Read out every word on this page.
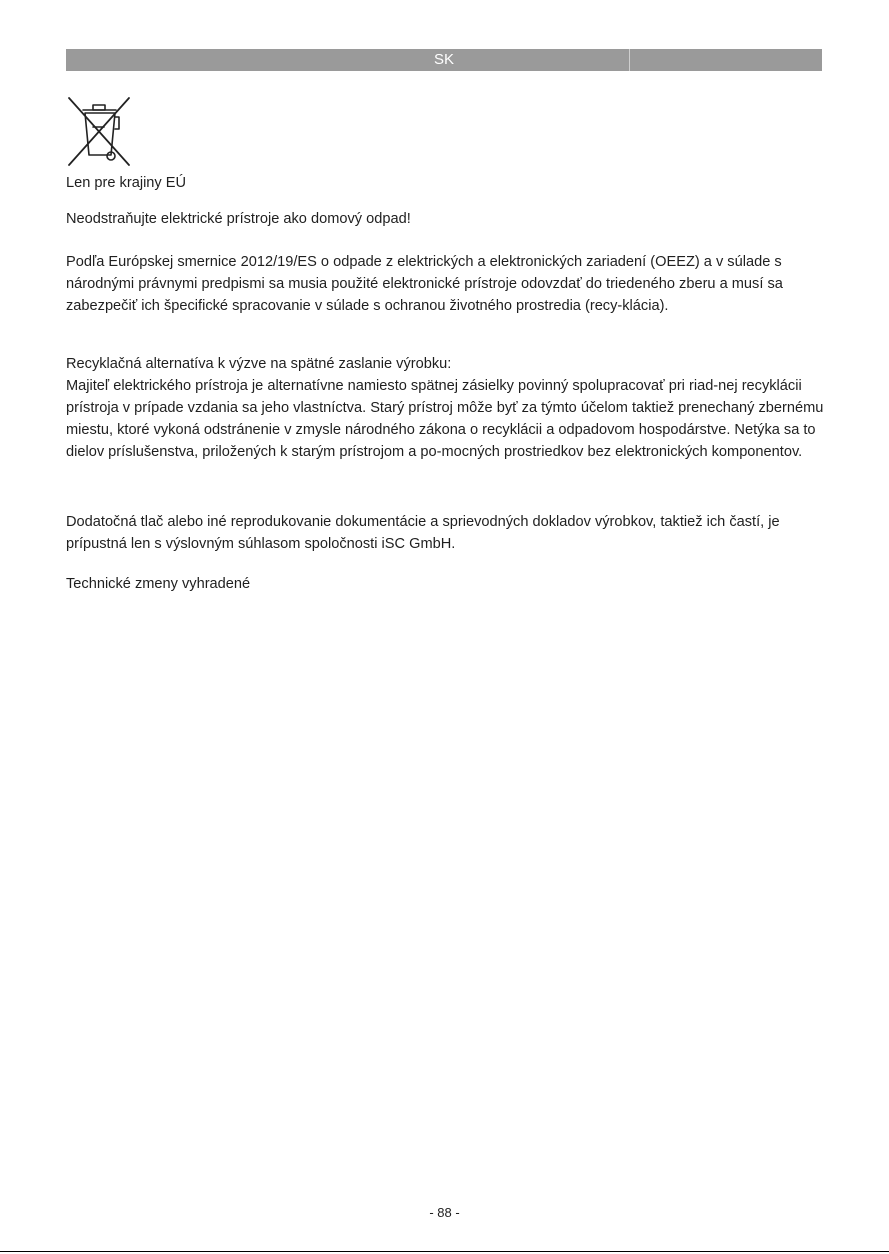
SK

Len pre krajiny EÚ

Neodstraňujte elektrické prístroje ako domový odpad!

Podľa Európskej smernice 2012/19/ES o odpade z elektrických a elektronických zariadení (OEEZ) a v súlade s národnými právnymi predpismi sa musia použité elektronické prístroje odovzdať do triedeného zberu a musí sa zabezpečiť ich špecifické spracovanie v súlade s ochranou životného prostredia (recy-klácia).

Recyklačná alternatíva k výzve na spätné zaslanie výrobku:
Majiteľ elektrického prístroja je alternatívne namiesto spätnej zásielky povinný spolupracovať pri riad-nej recyklácii prístroja v prípade vzdania sa jeho vlastníctva. Starý prístroj môže byť za týmto účelom taktiež prenechaný zbernému miestu, ktoré vykoná odstránenie v zmysle národného zákona o recyklácii a odpadovom hospodárstve. Netýka sa to dielov príslušenstva, priložených k starým prístrojom a po-mocných prostriedkov bez elektronických komponentov.

Dodatočná tlač alebo iné reprodukovanie dokumentácie a sprievodných dokladov výrobkov, taktiež ich častí, je prípustná len s výslovným súhlasom spoločnosti iSC GmbH.

Technické zmeny vyhradené

- 88 -
